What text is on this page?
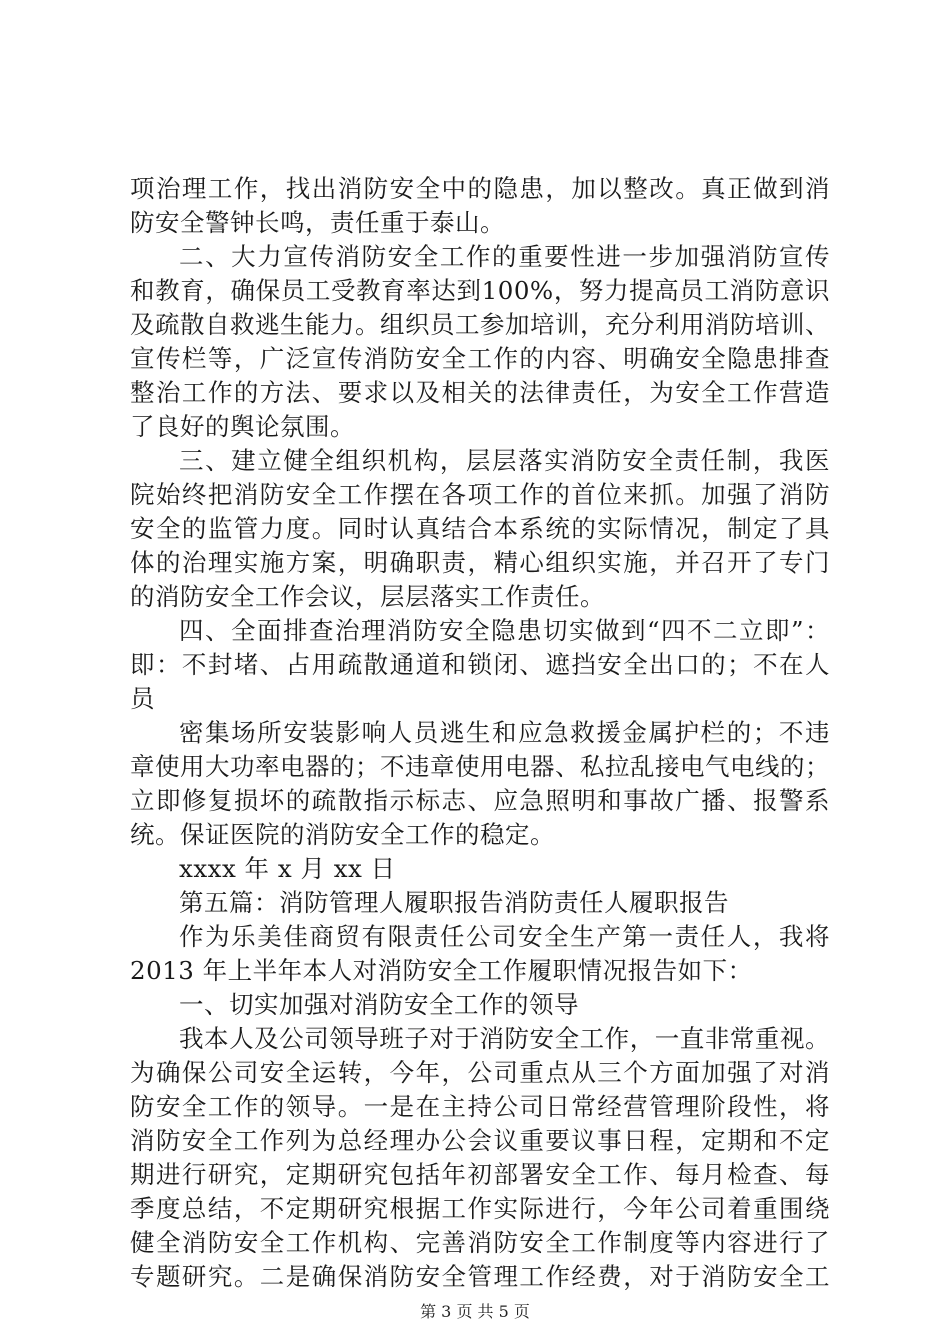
项治理工作，找出消防安全中的隐患，加以整改。真正做到消
防安全警钟长鸣，责任重于泰山。
二、大力宣传消防安全工作的重要性进一步加强消防宣传
和教育，确保员工受教育率达到100%，努力提高员工消防意识
及疏散自救逃生能力。组织员工参加培训，充分利用消防培训、
宣传栏等，广泛宣传消防安全工作的内容、明确安全隐患排查
整治工作的方法、要求以及相关的法律责任，为安全工作营造
了良好的舆论氛围。
三、建立健全组织机构，层层落实消防安全责任制，我医
院始终把消防安全工作摆在各项工作的首位来抓。加强了消防
安全的监管力度。同时认真结合本系统的实际情况，制定了具
体的治理实施方案，明确职责，精心组织实施，并召开了专门
的消防安全工作会议，层层落实工作责任。
四、全面排查治理消防安全隐患切实做到“四不二立即”：
即：不封堵、占用疏散通道和锁闭、遮挡安全出口的；不在人
员
密集场所安装影响人员逃生和应急救援金属护栏的；不违
章使用大功率电器的；不违章使用电器、私拉乱接电气电线的；
立即修复损坏的疏散指示标志、应急照明和事故广播、报警系
统。保证医院的消防安全工作的稳定。
xxxx 年 x 月 xx 日
第五篇：消防管理人履职报告消防责任人履职报告
作为乐美佳商贸有限责任公司安全生产第一责任人，我将
2013 年上半年本人对消防安全工作履职情况报告如下：
一、切实加强对消防安全工作的领导
我本人及公司领导班子对于消防安全工作，一直非常重视。
为确保公司安全运转，今年，公司重点从三个方面加强了对消
防安全工作的领导。一是在主持公司日常经营管理阶段性，将
消防安全工作列为总经理办公会议重要议事日程，定期和不定
期进行研究，定期研究包括年初部署安全工作、每月检查、每
季度总结，不定期研究根据工作实际进行，今年公司着重围绕
健全消防安全工作机构、完善消防安全工作制度等内容进行了
专题研究。二是确保消防安全管理工作经费，对于消防安全工
第 3 页 共 5 页
